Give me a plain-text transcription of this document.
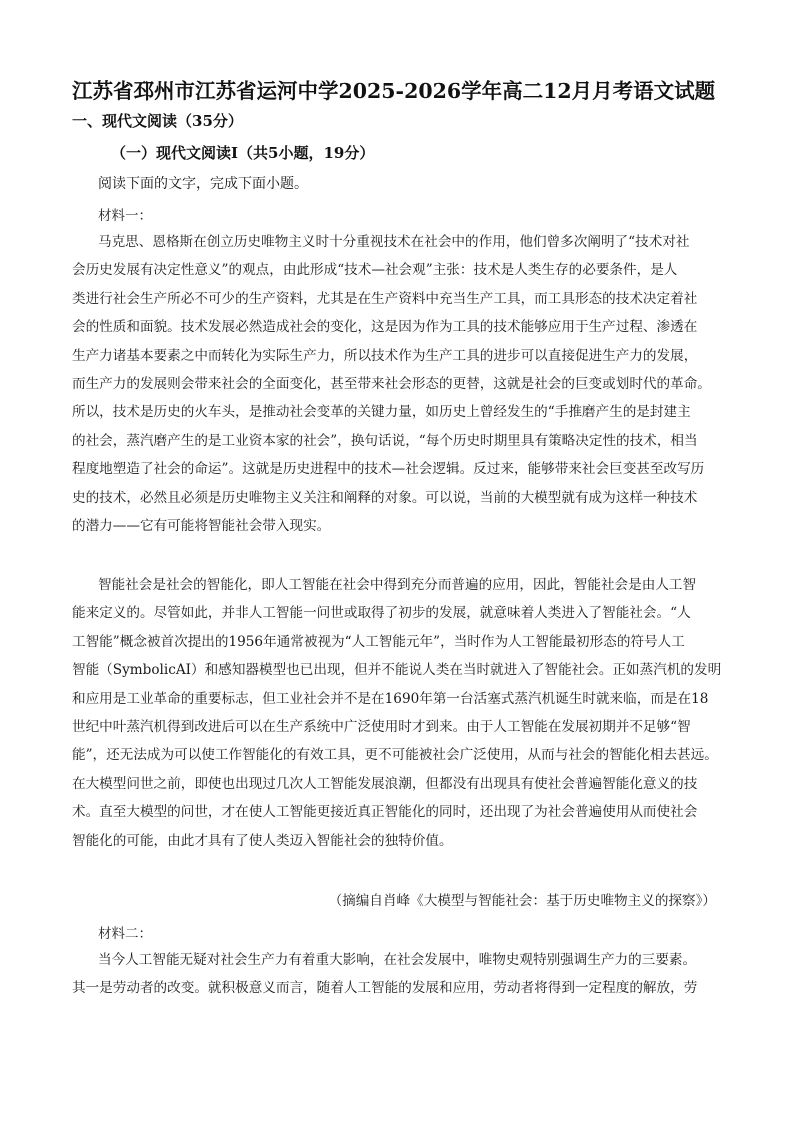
江苏省邳州市江苏省运河中学2025-2026学年高二12月月考语文试题
一、现代文阅读（35分）
（一）现代文阅读Ⅰ（共5小题，19分）
阅读下面的文字，完成下面小题。
材料一：
马克思、恩格斯在创立历史唯物主义时十分重视技术在社会中的作用，他们曾多次阐明了“技术对社
会历史发展有决定性意义”的观点，由此形成“技术—社会观”主张：技术是人类生存的必要条件，是人
类进行社会生产所必不可少的生产资料，尤其是在生产资料中充当生产工具，而工具形态的技术决定着社
会的性质和面貌。技术发展必然造成社会的变化，这是因为作为工具的技术能够应用于生产过程、渗透在
生产力诸基本要素之中而转化为实际生产力，所以技术作为生产工具的进步可以直接促进生产力的发展，
而生产力的发展则会带来社会的全面变化，甚至带来社会形态的更替，这就是社会的巨变或划时代的革命。
所以，技术是历史的火车头，是推动社会变革的关键力量，如历史上曾经发生的“手推磨产生的是封建主
的社会，蒸汽磨产生的是工业资本家的社会”，换句话说，“每个历史时期里具有策略决定性的技术，相当
程度地塑造了社会的命运”。这就是历史进程中的技术—社会逻辑。反过来，能够带来社会巨变甚至改写历
史的技术，必然且必须是历史唯物主义关注和阐释的对象。可以说，当前的大模型就有成为这样一种技术
的潜力——它有可能将智能社会带入现实。
智能社会是社会的智能化，即人工智能在社会中得到充分而普遍的应用，因此，智能社会是由人工智
能来定义的。尽管如此，并非人工智能一问世或取得了初步的发展，就意味着人类进入了智能社会。“人
工智能”概念被首次提出的1956年通常被视为“人工智能元年”，当时作为人工智能最初形态的符号人工
智能（SymbolicAI）和感知器模型也已出现，但并不能说人类在当时就进入了智能社会。正如蒸汽机的发明
和应用是工业革命的重要标志，但工业社会并不是在1690年第一台活塞式蒸汽机诞生时就来临，而是在18
世纪中叶蒸汽机得到改进后可以在生产系统中广泛使用时才到来。由于人工智能在发展初期并不足够“智
能”，还无法成为可以使工作智能化的有效工具，更不可能被社会广泛使用，从而与社会的智能化相去甚远。
在大模型问世之前，即使也出现过几次人工智能发展浪潮，但都没有出现具有使社会普遍智能化意义的技
术。直至大模型的问世，才在使人工智能更接近真正智能化的同时，还出现了为社会普遍使用从而使社会
智能化的可能，由此才具有了使人类迈入智能社会的独特价值。
（摘编自肖峰《大模型与智能社会：基于历史唯物主义的探察》）
材料二：
当今人工智能无疑对社会生产力有着重大影响，在社会发展中，唯物史观特别强调生产力的三要素。
其一是劳动者的改变。就积极意义而言，随着人工智能的发展和应用，劳动者将得到一定程度的解放，劳
